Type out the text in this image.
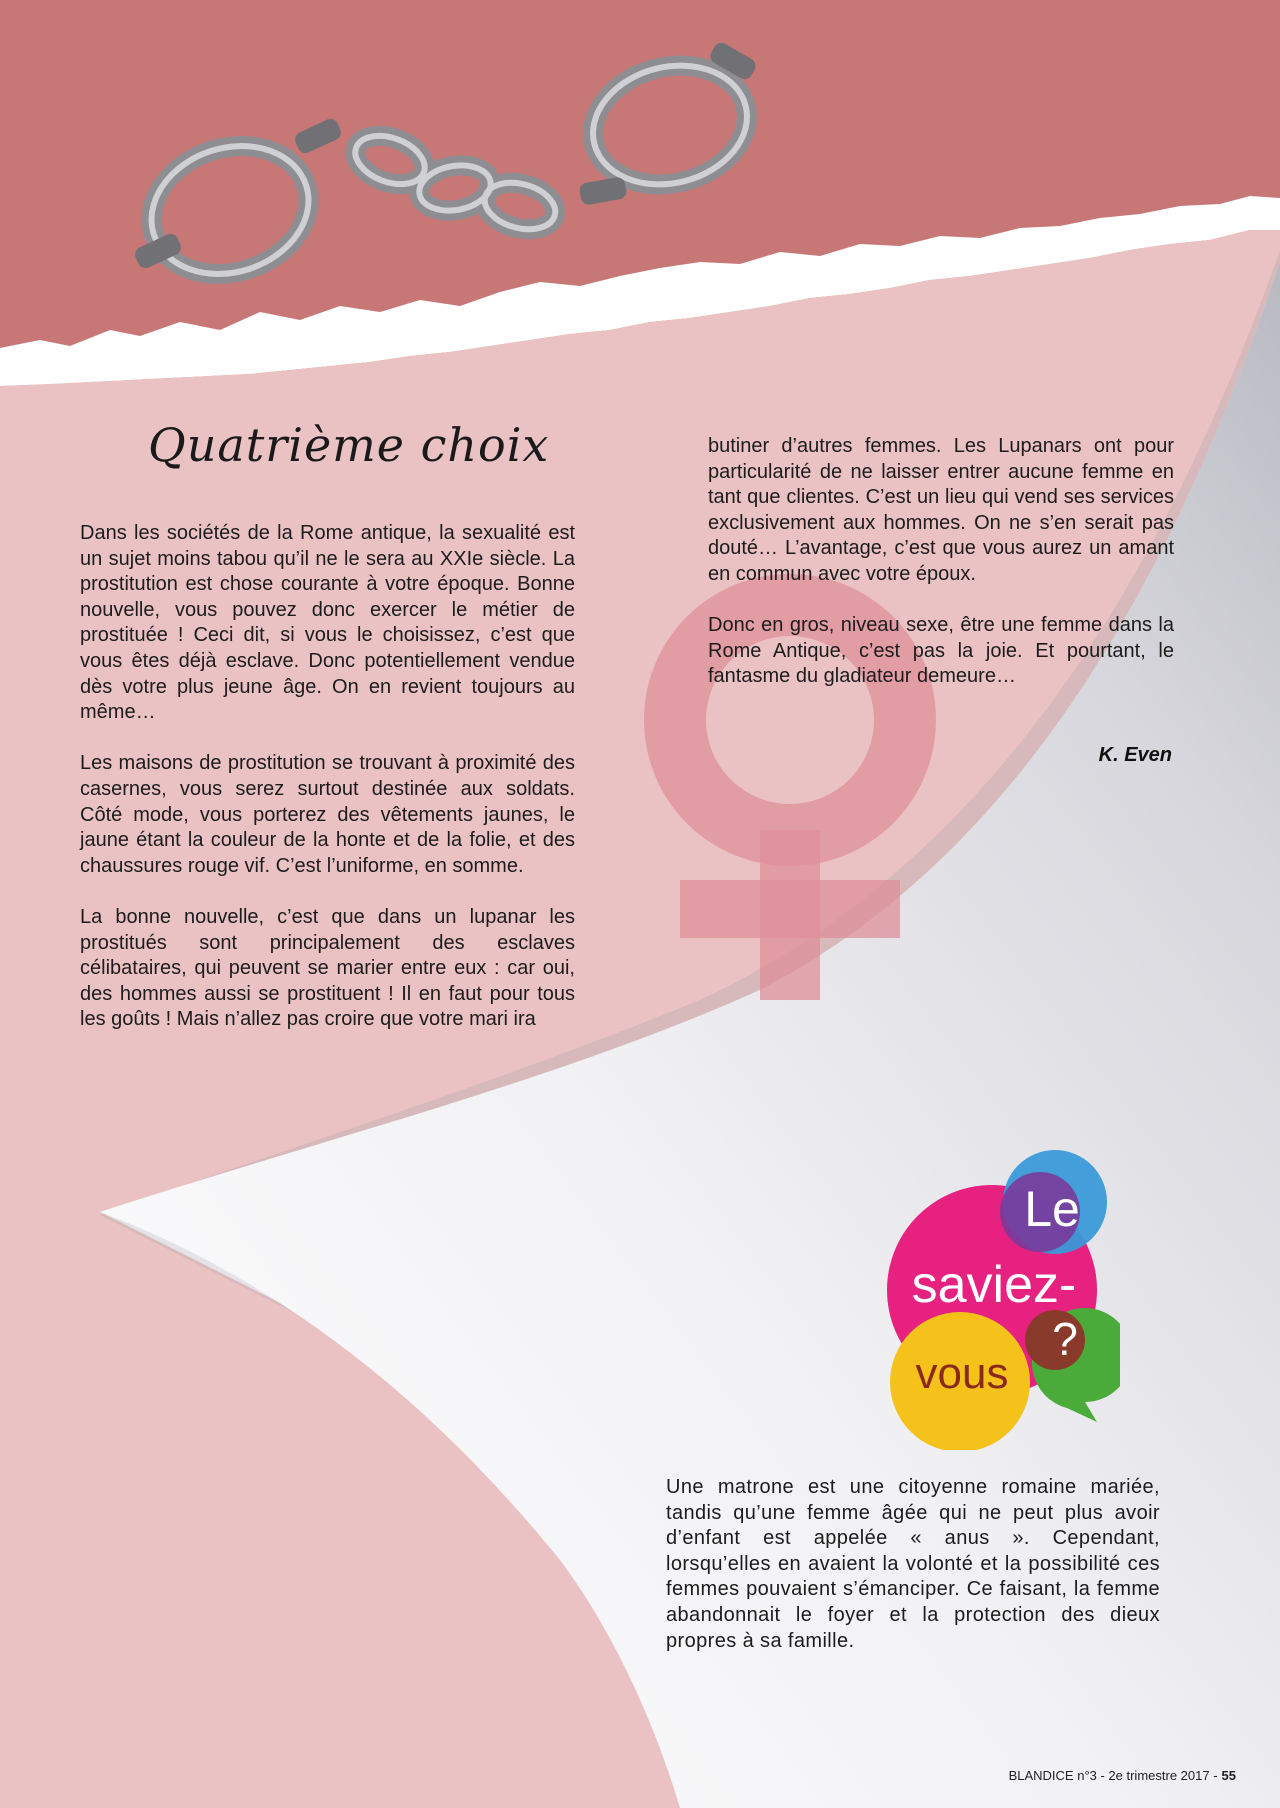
Quatrième choix

Dans les sociétés de la Rome antique, la sexualité est un sujet moins tabou qu’il ne le sera au XXIe siècle. La prostitution est chose courante à votre époque. Bonne nouvelle, vous pouvez donc exercer le métier de prostituée ! Ceci dit, si vous le choisissez, c’est que vous êtes déjà esclave. Donc potentiellement vendue dès votre plus jeune âge. On en revient toujours au même…

Les maisons de prostitution se trouvant à proximité des casernes, vous serez surtout destinée aux soldats. Côté mode, vous porterez des vêtements jaunes, le jaune étant la couleur de la honte et de la folie, et des chaussures rouge vif. C’est l’uniforme, en somme.

La bonne nouvelle, c’est que dans un lupanar les prostitués sont principalement des esclaves célibataires, qui peuvent se marier entre eux : car oui, des hommes aussi se prostituent ! Il en faut pour tous les goûts ! Mais n’allez pas croire que votre mari ira

butiner d’autres femmes. Les Lupanars ont pour particularité de ne laisser entrer aucune femme en tant que clientes. C’est un lieu qui vend ses services exclusivement aux hommes. On ne s’en serait pas douté… L’avantage, c’est que vous aurez un amant en commun avec votre époux.

Donc en gros, niveau sexe, être une femme dans la Rome Antique, c’est pas la joie. Et pourtant, le fantasme du gladiateur demeure…

K. Even
Le
saviez-
vous
?

Une matrone est une citoyenne romaine mariée, tandis qu’une femme âgée qui ne peut plus avoir d’enfant est appelée « anus ». Cependant, lorsqu’elles en avaient la volonté et la possibilité ces femmes pouvaient s’émanciper. Ce faisant, la femme abandonnait le foyer et la protection des dieux propres à sa famille.

BLANDICE n°3 - 2e trimestre 2017 - 55
